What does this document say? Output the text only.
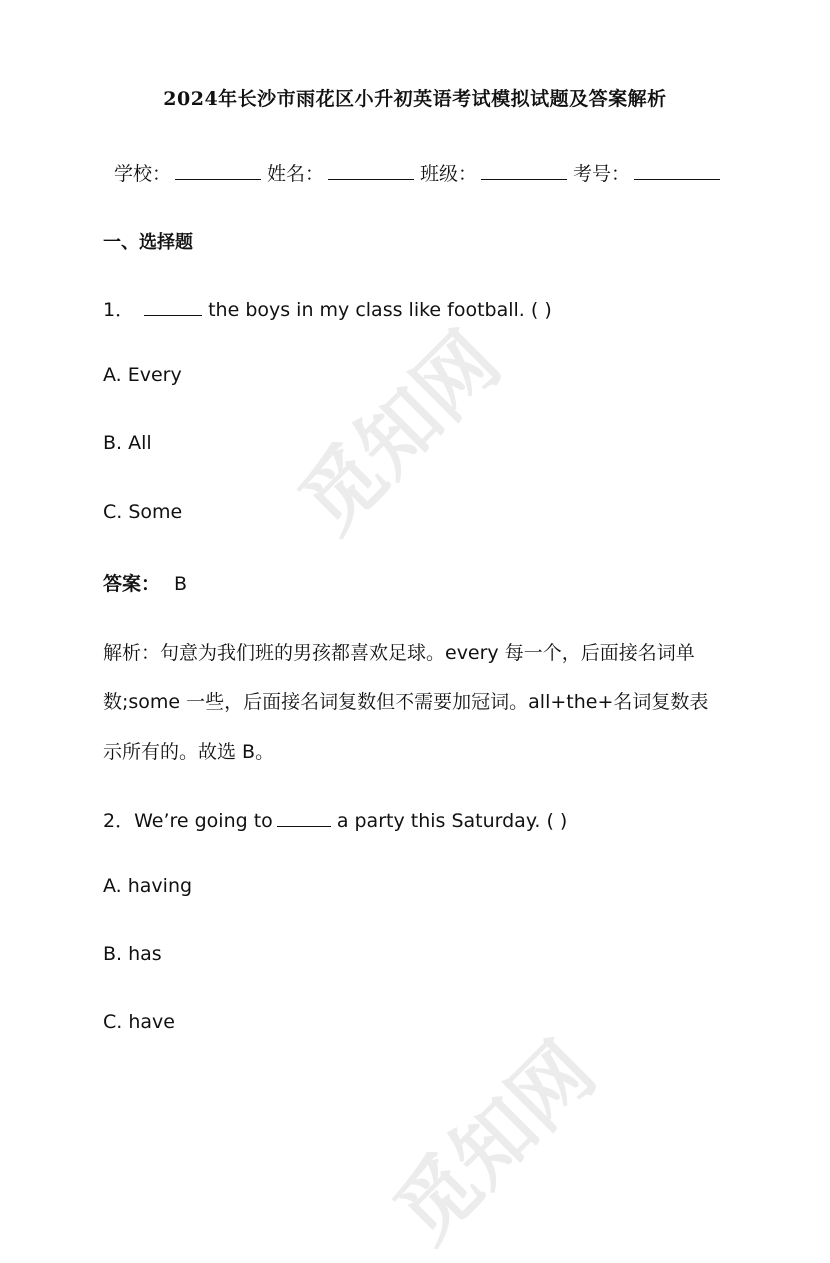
觅知网
觅知网
2024年长沙市雨花区小升初英语考试模拟试题及答案解析
学校：	姓名：	班级：	考号：
一、选择题
1．	the boys in my class like football. ( )
A. Every
B. All
C. Some
答案： B
解析：句意为我们班的男孩都喜欢足球。every 每一个，后面接名词单
数;some 一些，后面接名词复数但不需要加冠词。all+the+名词复数表
示所有的。故选 B。
2．We’re going to	a party this Saturday. ( )
A. having
B. has
C. have
